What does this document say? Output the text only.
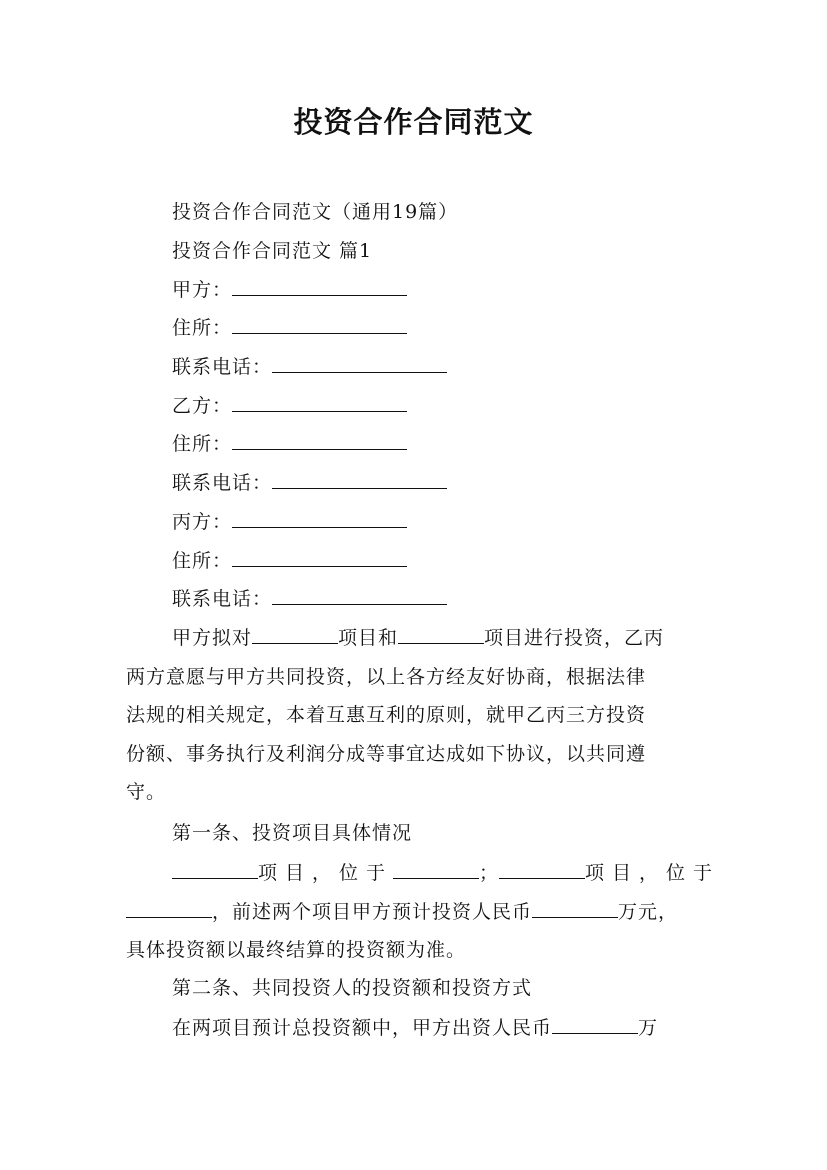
投资合作合同范文
投资合作合同范文（通用19篇）
投资合作合同范文 篇1
甲方：
住所：
联系电话：
乙方：
住所：
联系电话：
丙方：
住所：
联系电话：
甲方拟对	项目和	项目进行投资，乙丙
两方意愿与甲方共同投资，以上各方经友好协商，根据法律
法规的相关规定，本着互惠互利的原则，就甲乙丙三方投资
份额、事务执行及利润分成等事宜达成如下协议，以共同遵
守。
第一条、投资项目具体情况
项目，位于	；	项目，位于
，前述两个项目甲方预计投资人民币	万元，
具体投资额以最终结算的投资额为准。
第二条、共同投资人的投资额和投资方式
在两项目预计总投资额中，甲方出资人民币	万
